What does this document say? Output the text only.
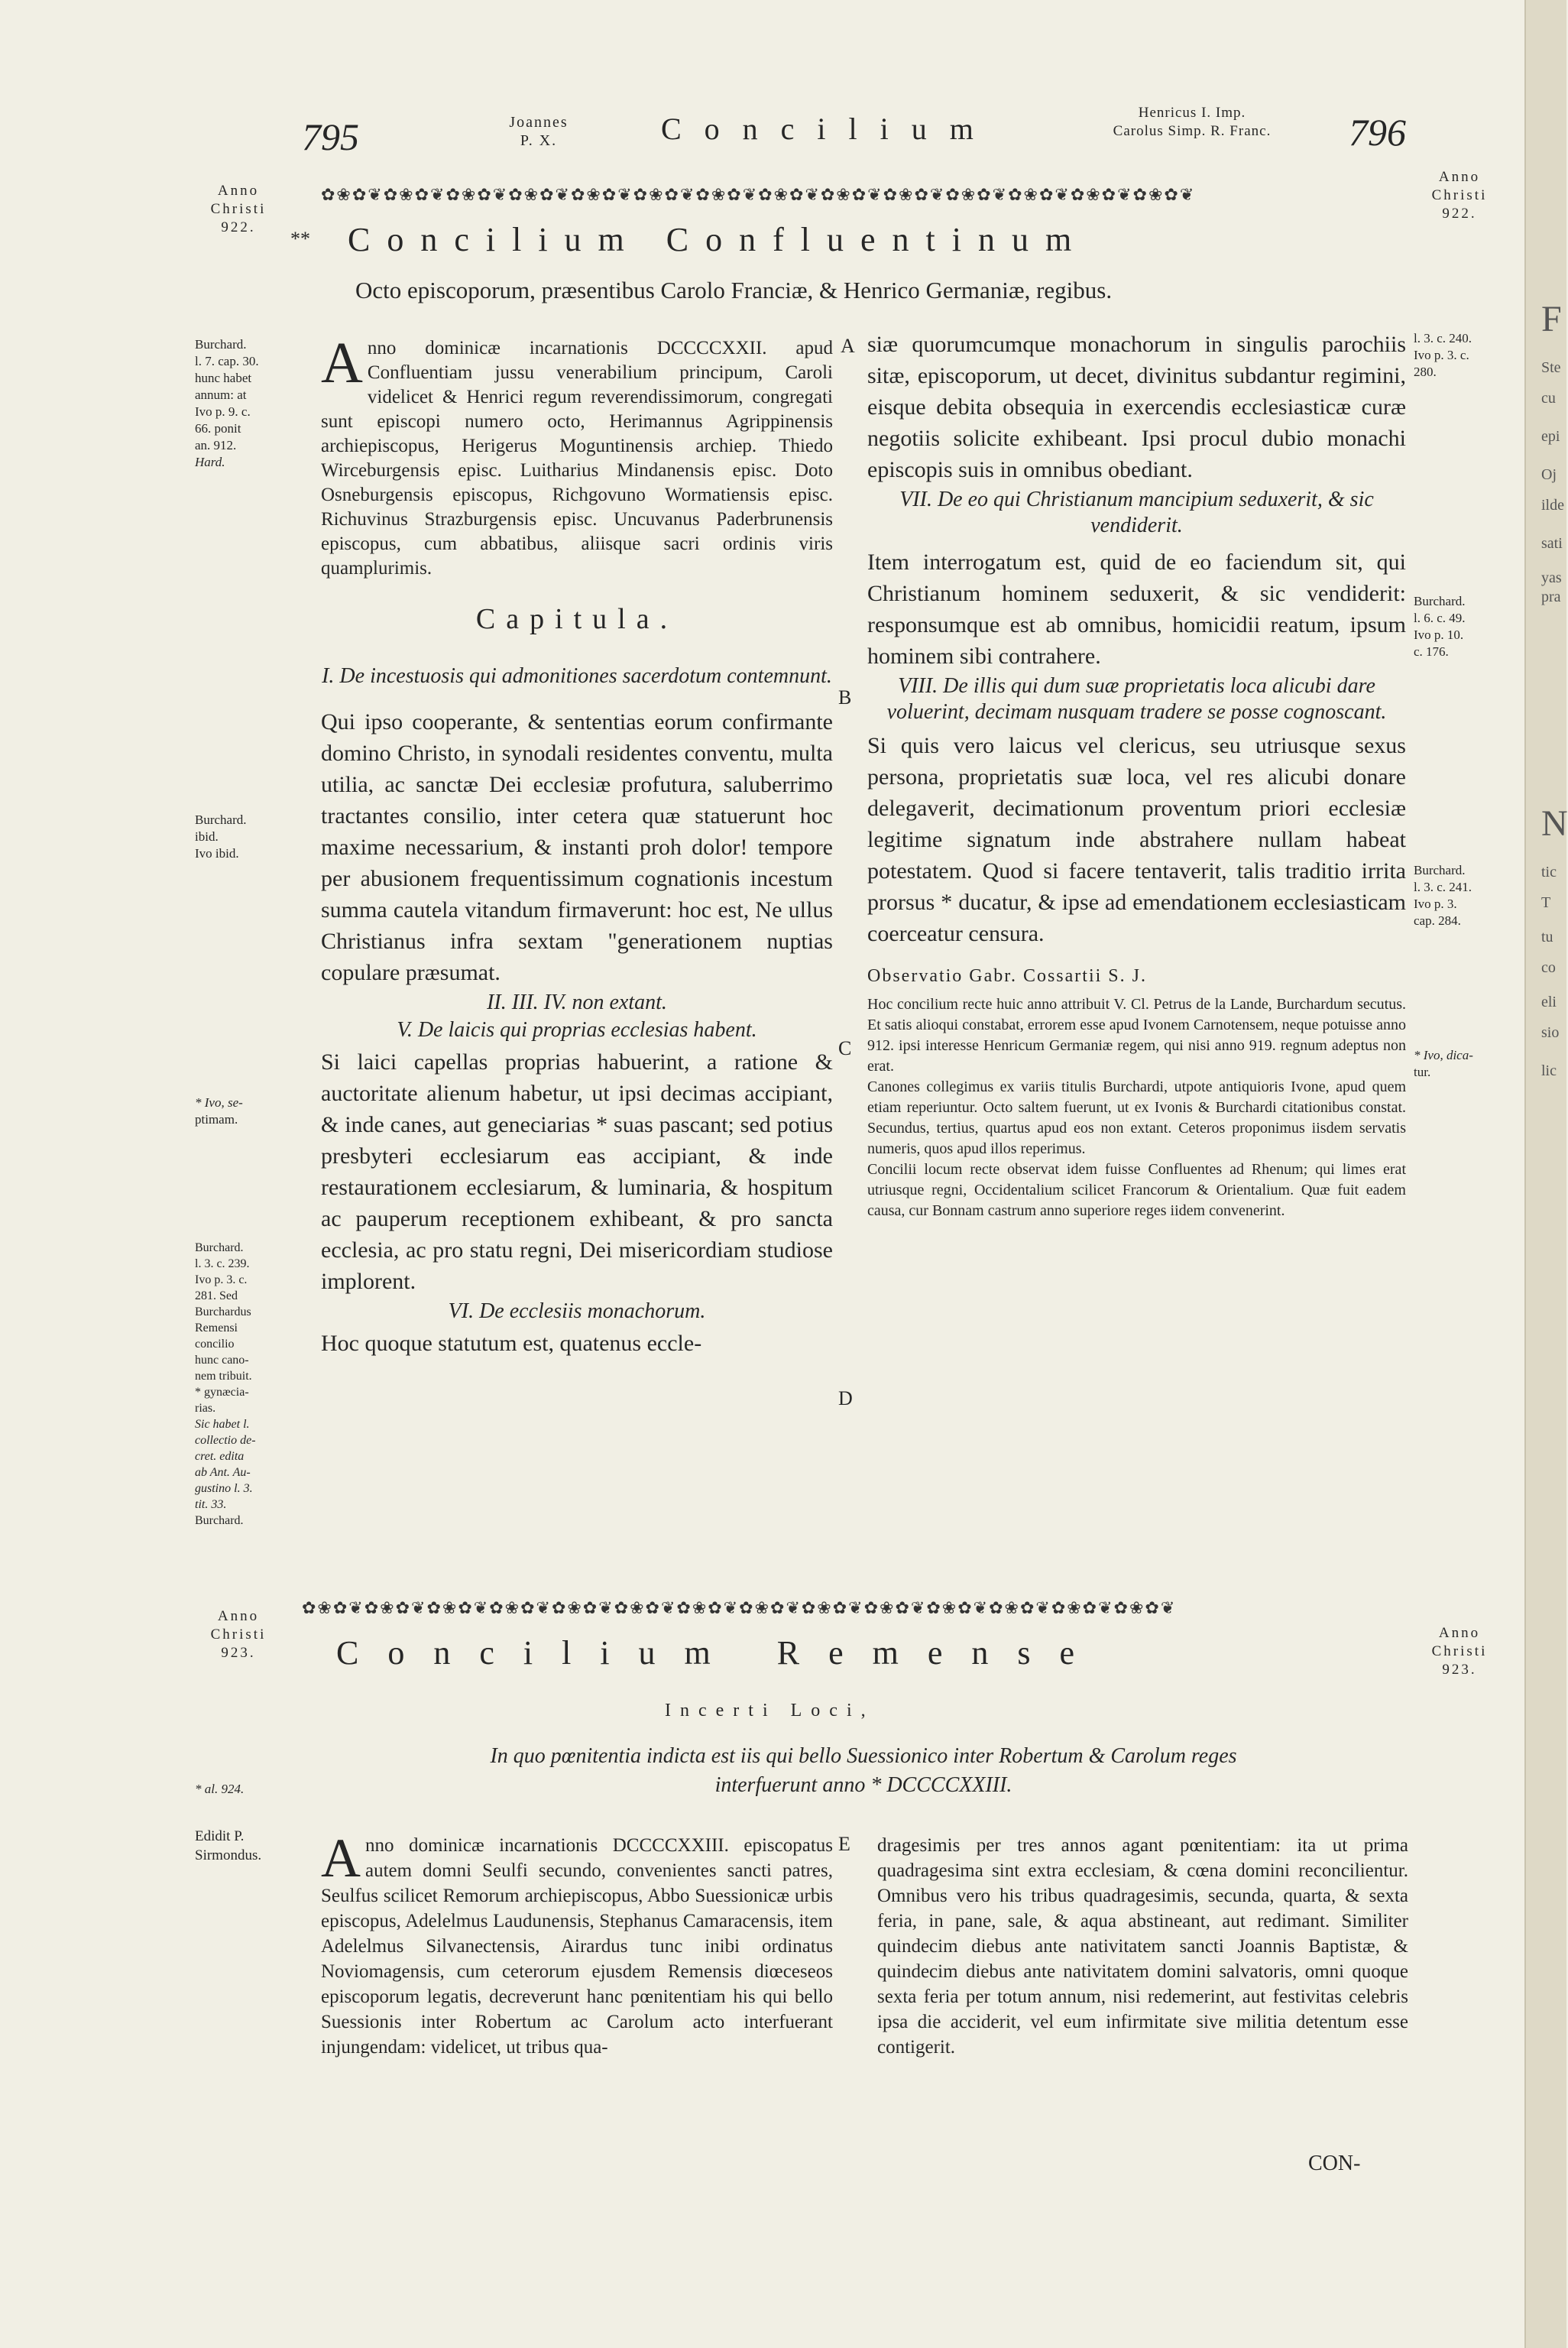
F
Ste
cu
epi
Oj
ilde
sati
yas
pra
N
tic
T
tu
co
eli
sio
lic
795	Joannes
P. X.	Concilium	Henricus I. Imp.
Carolus Simp. R. Franc.	796
Anno
Christi
922.
Anno
Christi
922.
✿❀✿❦✿❀✿❦✿❀✿❦✿❀✿❦✿❀✿❦✿❀✿❦✿❀✿❦✿❀✿❦✿❀✿❦✿❀✿❦✿❀✿❦✿❀✿❦✿❀✿❦✿❀✿❦
** Concilium Confluentinum
Octo episcoporum, præsentibus Carolo Franciæ, & Henrico Germaniæ, regibus.
Burchard.
l. 7. cap. 30.
hunc habet
annum: at
Ivo p. 9. c.
66. ponit
an. 912.
Hard.
Burchard.
ibid.
Ivo ibid.
* Ivo, se-
ptimam.
Burchard.
l. 3. c. 239.
Ivo p. 3. c.
281. Sed
Burchardus
Remensi
concilio
hunc cano-
nem tribuit.
* gynæcia-
rias.
Sic habet l.
collectio de-
cret. edita
ab Ant. Au-
gustino l. 3.
tit. 33.
Burchard.
l. 3. c. 240.
Ivo p. 3. c.
280.
Burchard.
l. 6. c. 49.
Ivo p. 10.
c. 176.
Burchard.
l. 3. c. 241.
Ivo p. 3.
cap. 284.
* Ivo, dica-
tur.
A
B
C
D
E
Anno dominicæ incarnationis DCCCCXXII. apud Confluentiam jussu venerabilium principum, Caroli videlicet & Henrici regum reverendissimorum, congregati sunt episcopi numero octo, Herimannus Agrippinensis archiepiscopus, Herigerus Moguntinensis archiep. Thiedo Wirceburgensis episc. Luitharius Mindanensis episc. Doto Osneburgensis episcopus, Richgovuno Wormatiensis episc. Richuvinus Strazburgensis episc. Uncuvanus Paderbrunensis episcopus, cum abbatibus, aliisque sacri ordinis viris quamplurimis.
Capitula.
I. De incestuosis qui admonitiones sacerdotum contemnunt.
Qui ipso cooperante, & sententias eorum confirmante domino Christo, in synodali residentes conventu, multa utilia, ac sanctæ Dei ecclesiæ profutura, saluberrimo tractantes consilio, inter cetera quæ statuerunt hoc maxime necessarium, & instanti proh dolor! tempore per abusionem frequentissimum cognationis incestum summa cautela vitandum firmaverunt: hoc est, Ne ullus Christianus infra sextam "generationem nuptias copulare præsumat.
II. III. IV. non extant.
V. De laicis qui proprias ecclesias habent.
Si laici capellas proprias habuerint, a ratione & auctoritate alienum habetur, ut ipsi decimas accipiant, & inde canes, aut geneciarias * suas pascant; sed potius presbyteri ecclesiarum eas accipiant, & inde restaurationem ecclesiarum, & luminaria, & hospitum ac pauperum receptionem exhibeant, & pro sancta ecclesia, ac pro statu regni, Dei misericordiam studiose implorent.
VI. De ecclesiis monachorum.
Hoc quoque statutum est, quatenus eccle-
siæ quorumcumque monachorum in singulis parochiis sitæ, episcoporum, ut decet, divinitus subdantur regimini, eisque debita obsequia in exercendis ecclesiasticæ curæ negotiis solicite exhibeant. Ipsi procul dubio monachi episcopis suis in omnibus obediant.
VII. De eo qui Christianum mancipium seduxerit, & sic vendiderit.
Item interrogatum est, quid de eo faciendum sit, qui Christianum hominem seduxerit, & sic vendiderit: responsumque est ab omnibus, homicidii reatum, ipsum hominem sibi contrahere.
VIII. De illis qui dum suæ proprietatis loca alicubi dare voluerint, decimam nusquam tradere se posse cognoscant.
Si quis vero laicus vel clericus, seu utriusque sexus persona, proprietatis suæ loca, vel res alicubi donare delegaverit, decimationum proventum priori ecclesiæ legitime signatum inde abstrahere nullam habeat potestatem. Quod si facere tentaverit, talis traditio irrita prorsus * ducatur, & ipse ad emendationem ecclesiasticam coerceatur censura.
Observatio Gabr. Cossartii S. J.
Hoc concilium recte huic anno attribuit V. Cl. Petrus de la Lande, Burchardum secutus. Et satis alioqui constabat, errorem esse apud Ivonem Carnotensem, neque potuisse anno 912. ipsi interesse Henricum Germaniæ regem, qui nisi anno 919. regnum adeptus non erat.
Canones collegimus ex variis titulis Burchardi, utpote antiquioris Ivone, apud quem etiam reperiuntur. Octo saltem fuerunt, ut ex Ivonis & Burchardi citationibus constat. Secundus, tertius, quartus apud eos non extant. Ceteros proponimus iisdem servatis numeris, quos apud illos reperimus.
Concilii locum recte observat idem fuisse Confluentes ad Rhenum; qui limes erat utriusque regni, Occidentalium scilicet Francorum & Orientalium. Quæ fuit eadem causa, cur Bonnam castrum anno superiore reges iidem convenerint.
Anno
Christi
923.
Anno
Christi
923.
✿❀✿❦✿❀✿❦✿❀✿❦✿❀✿❦✿❀✿❦✿❀✿❦✿❀✿❦✿❀✿❦✿❀✿❦✿❀✿❦✿❀✿❦✿❀✿❦✿❀✿❦✿❀✿❦
Concilium Remense
Incerti Loci,
In quo pœnitentia indicta est iis qui bello Suessionico inter Robertum & Carolum reges
interfuerunt anno * DCCCCXXIII.
* al. 924.
Edidit P.
Sirmondus.	Anno dominicæ incarnationis DCCCCXXIII. episcopatus autem domni Seulfi secundo, convenientes sancti patres, Seulfus scilicet Remorum archiepiscopus, Abbo Suessionicæ urbis episcopus, Adelelmus Laudunensis, Stephanus Camaracensis, item Adelelmus Silvanectensis, Airardus tunc inibi ordinatus Noviomagensis, cum ceterorum ejusdem Remensis diœceseos episcoporum legatis, decreverunt hanc pœnitentiam his qui bello Suessionis inter Robertum ac Carolum acto interfuerant injungendam: videlicet, ut tribus qua-
dragesimis per tres annos agant pœnitentiam: ita ut prima quadragesima sint extra ecclesiam, & cœna domini reconcilientur. Omnibus vero his tribus quadragesimis, secunda, quarta, & sexta feria, in pane, sale, & aqua abstineant, aut redimant. Similiter quindecim diebus ante nativitatem sancti Joannis Baptistæ, & quindecim diebus ante nativitatem domini salvatoris, omni quoque sexta feria per totum annum, nisi redemerint, aut festivitas celebris ipsa die acciderit, vel eum infirmitate sive militia detentum esse contigerit.
CON-
